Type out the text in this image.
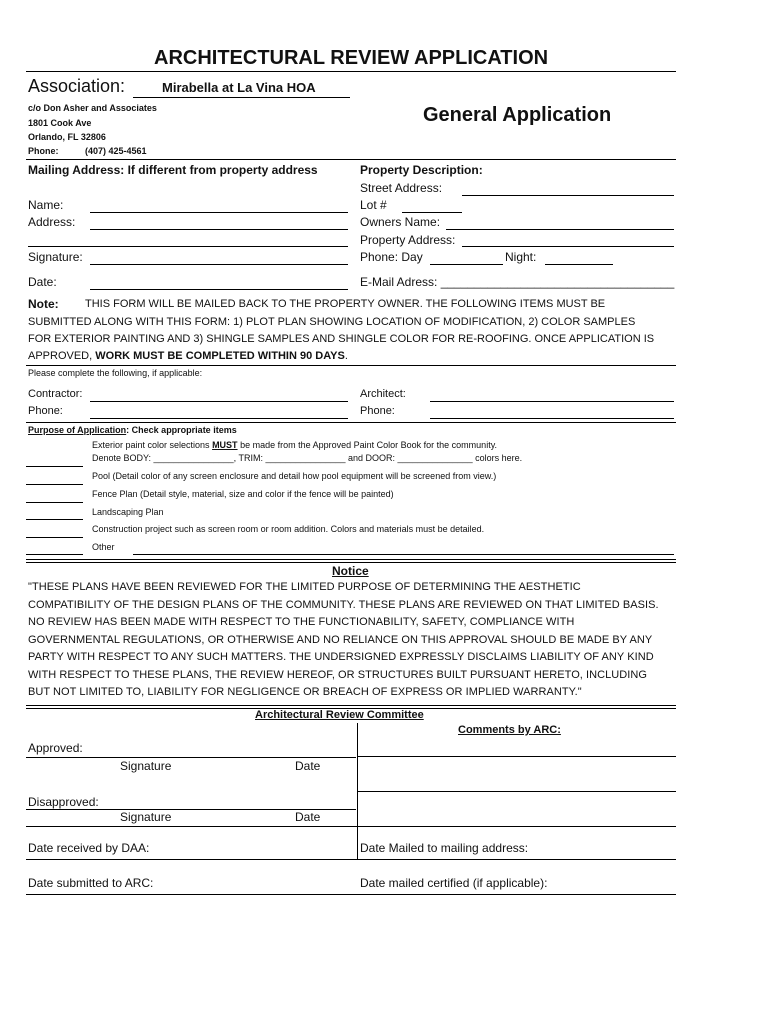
ARCHITECTURAL REVIEW APPLICATION
Association:	Mirabella at La Vina HOA
General Application
c/o Don Asher and Associates
1801 Cook Ave
Orlando, FL 32806
Phone:	(407) 425-4561
Mailing Address: If different from property address
Name:
Address:
Signature:
Date:
Property Description:
Street Address:
Lot #
Owners Name:
Property Address:
Phone: Day	Night:
E-Mail Adress: ___________________________________
Note: THIS FORM WILL BE MAILED BACK TO THE PROPERTY OWNER. THE FOLLOWING ITEMS MUST BE
SUBMITTED ALONG WITH THIS FORM: 1) PLOT PLAN SHOWING LOCATION OF MODIFICATION, 2) COLOR SAMPLES
FOR EXTERIOR PAINTING AND 3) SHINGLE SAMPLES AND SHINGLE COLOR FOR RE-ROOFING. ONCE APPLICATION IS
APPROVED, WORK MUST BE COMPLETED WITHIN 90 DAYS.
Please complete the following, if applicable:
Contractor:
Phone:
Architect:
Phone:
Purpose of Application: Check appropriate items
Exterior paint color selections MUST be made from the Approved Paint Color Book for the community.
Denote BODY: ________________, TRIM: ________________ and DOOR: _______________ colors here.
Pool (Detail color of any screen enclosure and detail how pool equipment will be screened from view.)
Fence Plan (Detail style, material, size and color if the fence will be painted)
Landscaping Plan
Construction project such as screen room or room addition. Colors and materials must be detailed.
Other
Notice
"THESE PLANS HAVE BEEN REVIEWED FOR THE LIMITED PURPOSE OF DETERMINING THE AESTHETIC
COMPATIBILITY OF THE DESIGN PLANS OF THE COMMUNITY. THESE PLANS ARE REVIEWED ON THAT LIMITED BASIS.
NO REVIEW HAS BEEN MADE WITH RESPECT TO THE FUNCTIONABILITY, SAFETY, COMPLIANCE WITH
GOVERNMENTAL REGULATIONS, OR OTHERWISE AND NO RELIANCE ON THIS APPROVAL SHOULD BE MADE BY ANY
PARTY WITH RESPECT TO ANY SUCH MATTERS. THE UNDERSIGNED EXPRESSLY DISCLAIMS LIABILITY OF ANY KIND
WITH RESPECT TO THESE PLANS, THE REVIEW HEREOF, OR STRUCTURES BUILT PURSUANT HERETO, INCLUDING
BUT NOT LIMITED TO, LIABILITY FOR NEGLIGENCE OR BREACH OF EXPRESS OR IMPLIED WARRANTY."
Architectural Review Committee
Comments by ARC:
Approved:
Signature	Date
Disapproved:
Signature	Date
Date received by DAA:	Date Mailed to mailing address:
Date submitted to ARC:	Date mailed certified (if applicable):
